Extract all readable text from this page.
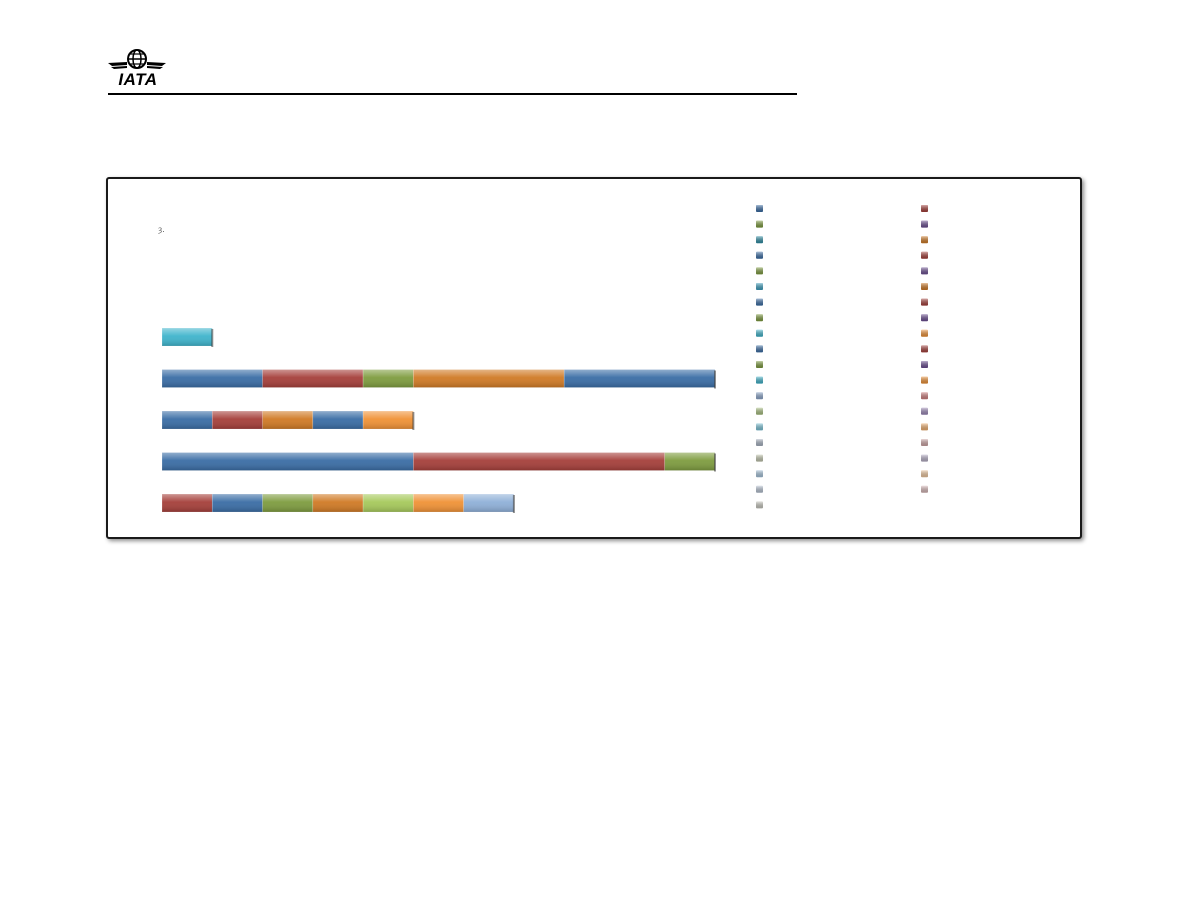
IATA
ȝ.
